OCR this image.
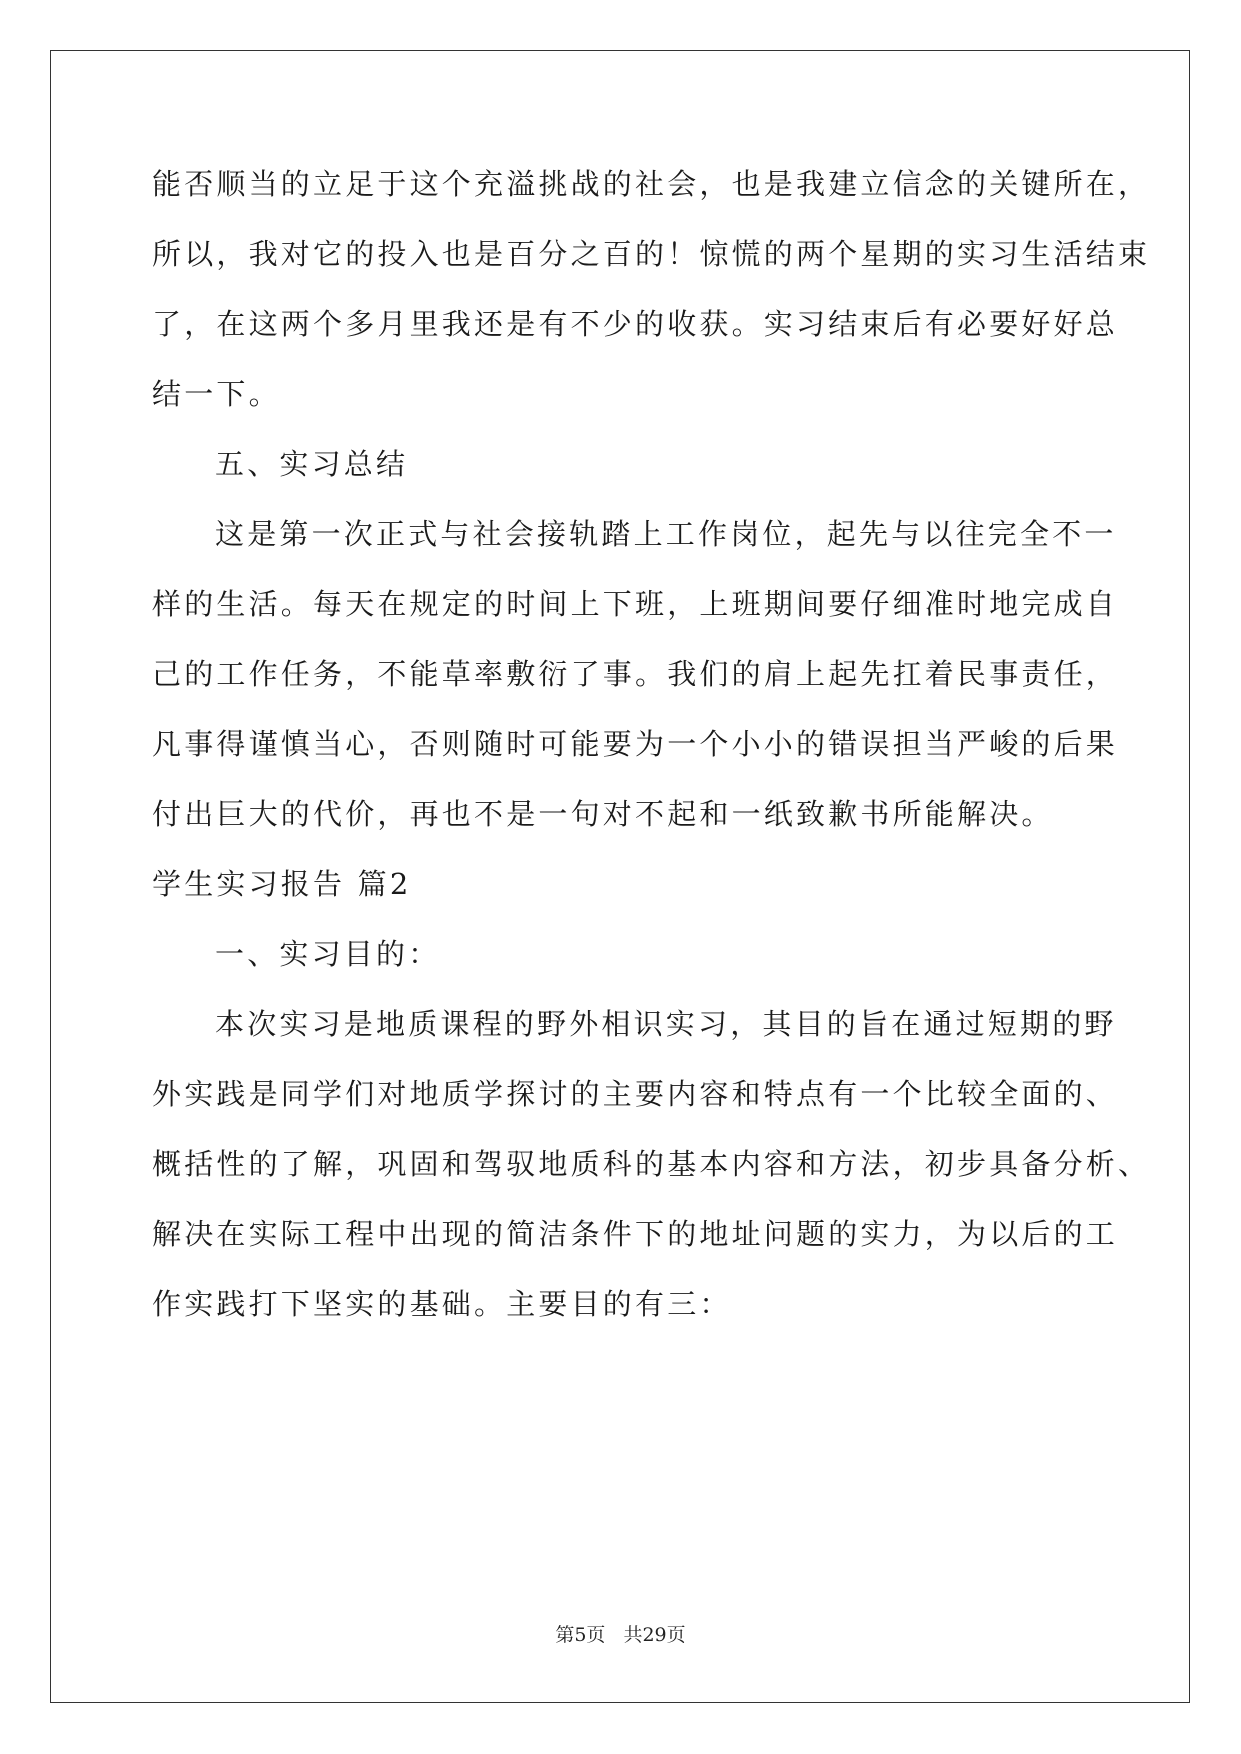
能否顺当的立足于这个充溢挑战的社会，也是我建立信念的关键所在，
所以，我对它的投入也是百分之百的！惊慌的两个星期的实习生活结束
了，在这两个多月里我还是有不少的收获。实习结束后有必要好好总
结一下。
五、实习总结
这是第一次正式与社会接轨踏上工作岗位，起先与以往完全不一
样的生活。每天在规定的时间上下班，上班期间要仔细准时地完成自
己的工作任务，不能草率敷衍了事。我们的肩上起先扛着民事责任，
凡事得谨慎当心，否则随时可能要为一个小小的错误担当严峻的后果
付出巨大的代价，再也不是一句对不起和一纸致歉书所能解决。
学生实习报告 篇2
一、实习目的：
本次实习是地质课程的野外相识实习，其目的旨在通过短期的野
外实践是同学们对地质学探讨的主要内容和特点有一个比较全面的、
概括性的了解，巩固和驾驭地质科的基本内容和方法，初步具备分析、
解决在实际工程中出现的简洁条件下的地址问题的实力，为以后的工
作实践打下坚实的基础。主要目的有三：
第5页 共29页
